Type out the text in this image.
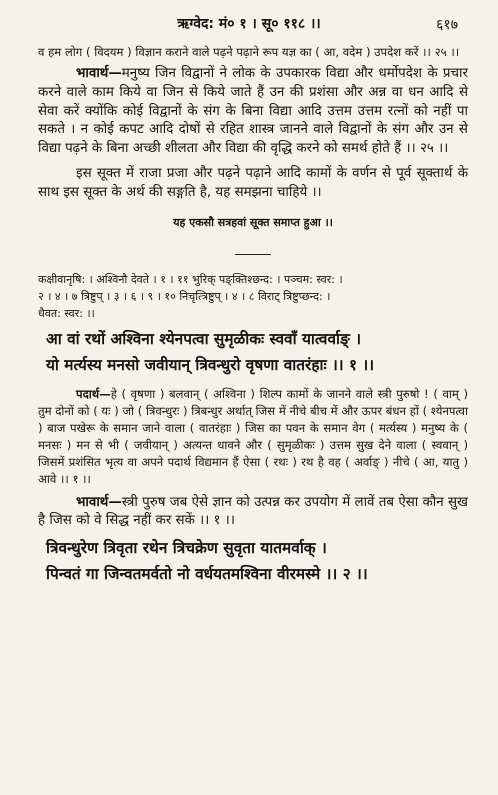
ऋग्वेद: मं० १ । सू० ११८ ।।	६१७

व हम लोग ( विदयम ) विज्ञान कराने वाले पढ़ने पढ़ाने रूप यज्ञ का ( आ, वदेम ) उपदेश करें ।। २५ ।।

भावार्थ—मनुष्य जिन विद्वानों ने लोक के उपकारक विद्या और धर्मोपदेश के प्रचार करने वाले काम किये वा जिन से किये जाते हैं उन की प्रशंसा और अन्न वा धन आदि से सेवा करें क्योंकि कोई विद्वानों के संग के बिना विद्या आदि उत्तम उत्तम रत्नों को नहीं पा सकते । न कोई कपट आदि दोषों से रहित शास्त्र जानने वाले विद्वानों के संग और उन से विद्या पढ़ने के बिना अच्छी शीलता और विद्या की वृद्धि करने को समर्थ होते हैं ।। २५ ।।

इस सूक्त में राजा प्रजा और पढ़ने पढ़ाने आदि कामों के वर्णन से पूर्व सूक्तार्थ के साथ इस सूक्त के अर्थ की सङ्गति है, यह समझना चाहिये ।।

यह एकसौ सत्रहवां सूक्त समाप्त हुआ ।।

कक्षीवानृषि: । अश्विनौ देवते । १ । ११ भुरिक् पङ्क्तिश्छन्द: । पञ्चम: स्वर: ।

२ । ४ । ७ त्रिष्टुप् । ३ । ६ । ९ । १० निचृत्त्रिष्टुप् । ४ । ८ विराट् त्रिष्टुप्छन्द: ।

धैवत: स्वर: ।।

आ वां रथों अश्विना श्येनपत्वा सुमृळीकः स्ववाँ यात्वर्वाङ् ।

यो मर्त्यस्य मनसो जवीयान् त्रिवन्धुरो वृषणा वातरंहाः ।। १ ।।

पदार्थ—हे ( वृषणा ) बलवान् ( अश्विना ) शिल्प कामों के जानने वाले स्त्री पुरुषो ! ( वाम् ) तुम दोनों को ( यः ) जो ( त्रिवन्धुरः ) त्रिबन्धुर अर्थात् जिस में नीचे बीच में और ऊपर बंधन हों ( श्येनपत्वा ) बाज पखेरू के समान जाने वाला ( वातरंहाः ) जिस का पवन के समान वेग ( मर्त्यस्य ) मनुष्य के ( मनसः ) मन से भी ( जवीयान् ) अत्यन्त धावने और ( सुमृळीकः ) उत्तम सुख देने वाला ( स्ववान् ) जिसमें प्रशंसित भृत्य वा अपने पदार्थ विद्यमान हैं ऐसा ( रथः ) रथ है वह ( अर्वाङ् ) नीचे ( आ, यातु ) आवे ।। १ ।।

भावार्थ—स्त्री पुरुष जब ऐसे ज्ञान को उत्पन्न कर उपयोग में लावें तब ऐसा कौन सुख है जिस को वे सिद्ध नहीं कर सकें ।। १ ।।

त्रिवन्धुरेण त्रिवृता रथेन त्रिचक्रेण सुवृता यातमर्वाक् ।

पिन्वतं गा जिन्वतमर्वतो नो वर्धयतमश्विना वीरमस्मे ।। २ ।।
